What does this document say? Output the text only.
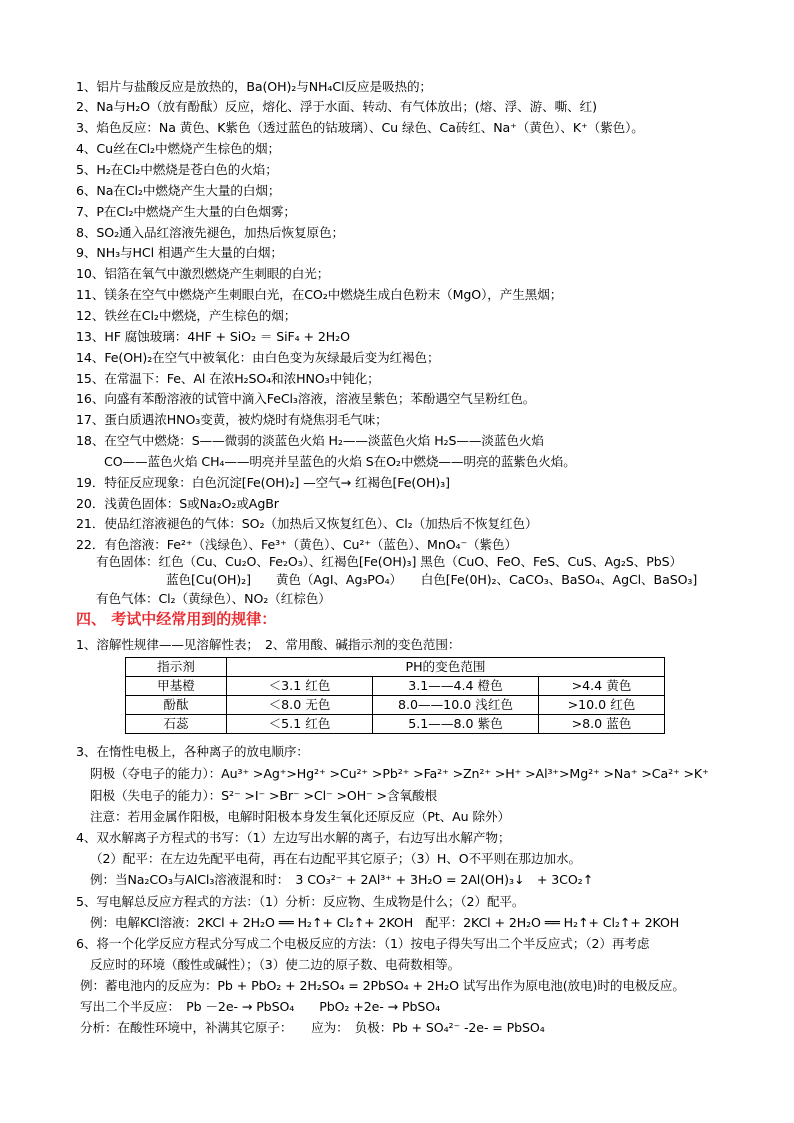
1、铝片与盐酸反应是放热的，Ba(OH)₂与NH₄Cl反应是吸热的；
2、Na与H₂O（放有酚酞）反应，熔化、浮于水面、转动、有气体放出；(熔、浮、游、嘶、红)
3、焰色反应：Na 黄色、K紫色（透过蓝色的钴玻璃）、Cu 绿色、Ca砖红、Na⁺（黄色）、K⁺（紫色）。
4、Cu丝在Cl₂中燃烧产生棕色的烟；
5、H₂在Cl₂中燃烧是苍白色的火焰；
6、Na在Cl₂中燃烧产生大量的白烟；
7、P在Cl₂中燃烧产生大量的白色烟雾；
8、SO₂通入品红溶液先褪色，加热后恢复原色；
9、NH₃与HCl 相遇产生大量的白烟；
10、铝箔在氧气中激烈燃烧产生刺眼的白光；
11、镁条在空气中燃烧产生刺眼白光，在CO₂中燃烧生成白色粉末（MgO），产生黑烟；
12、铁丝在Cl₂中燃烧，产生棕色的烟；
13、HF 腐蚀玻璃：4HF + SiO₂ ＝ SiF₄ + 2H₂O
14、Fe(OH)₂在空气中被氧化：由白色变为灰绿最后变为红褐色；
15、在常温下：Fe、Al 在浓H₂SO₄和浓HNO₃中钝化；
16、向盛有苯酚溶液的试管中滴入FeCl₃溶液，溶液呈紫色；苯酚遇空气呈粉红色。
17、蛋白质遇浓HNO₃变黄，被灼烧时有烧焦羽毛气味；
18、在空气中燃烧：S——微弱的淡蓝色火焰 H₂——淡蓝色火焰 H₂S——淡蓝色火焰
CO——蓝色火焰 CH₄——明亮并呈蓝色的火焰 S在O₂中燃烧——明亮的蓝紫色火焰。
19．特征反应现象：白色沉淀[Fe(OH)₂] —空气→ 红褐色[Fe(OH)₃]
20．浅黄色固体：S或Na₂O₂或AgBr
21．使品红溶液褪色的气体：SO₂（加热后又恢复红色）、Cl₂（加热后不恢复红色）
22．有色溶液：Fe²⁺（浅绿色）、Fe³⁺（黄色）、Cu²⁺（蓝色）、MnO₄⁻（紫色）
有色固体：红色（Cu、Cu₂O、Fe₂O₃）、红褐色[Fe(OH)₃] 黑色（CuO、FeO、FeS、CuS、Ag₂S、PbS）
蓝色[Cu(OH)₂]　　黄色（AgI、Ag₃PO₄）　　白色[Fe(0H)₂、CaCO₃、BaSO₄、AgCl、BaSO₃]
有色气体：Cl₂（黄绿色）、NO₂（红棕色）
四、 考试中经常用到的规律：
1、溶解性规律——见溶解性表；　2、常用酸、碱指示剂的变色范围：
指示剂	PH的变色范围		
甲基橙	＜3.1 红色	3.1——4.4 橙色	>4.4 黄色
酚酞	＜8.0 无色	8.0——10.0 浅红色	>10.0 红色
石蕊	＜5.1 红色	5.1——8.0 紫色	>8.0 蓝色
3、在惰性电极上，各种离子的放电顺序：
阴极（夺电子的能力）：Au³⁺ >Ag⁺>Hg²⁺ >Cu²⁺ >Pb²⁺ >Fa²⁺ >Zn²⁺ >H⁺ >Al³⁺>Mg²⁺ >Na⁺ >Ca²⁺ >K⁺
阳极（失电子的能力）：S²⁻ >I⁻ >Br⁻ >Cl⁻ >OH⁻ >含氧酸根
注意：若用金属作阳极，电解时阳极本身发生氧化还原反应（Pt、Au 除外）
4、双水解离子方程式的书写：（1）左边写出水解的离子，右边写出水解产物；
（2）配平：在左边先配平电荷，再在右边配平其它原子；（3）H、O不平则在那边加水。
例：当Na₂CO₃与AlCl₃溶液混和时：　3 CO₃²⁻ + 2Al³⁺ + 3H₂O = 2Al(OH)₃↓　+ 3CO₂↑
5、写电解总反应方程式的方法：（1）分析：反应物、生成物是什么；（2）配平。
例：电解KCl溶液：2KCl + 2H₂O ══ H₂↑+ Cl₂↑+ 2KOH　配平：2KCl + 2H₂O ══ H₂↑+ Cl₂↑+ 2KOH
6、将一个化学反应方程式分写成二个电极反应的方法：（1）按电子得失写出二个半反应式；（2）再考虑
反应时的环境（酸性或碱性）；（3）使二边的原子数、电荷数相等。
例：蓄电池内的反应为：Pb + PbO₂ + 2H₂SO₄ = 2PbSO₄ + 2H₂O 试写出作为原电池(放电)时的电极反应。
写出二个半反应：　Pb －2e- → PbSO₄　　PbO₂ +2e- → PbSO₄
分析：在酸性环境中，补满其它原子：　　应为：　负极：Pb + SO₄²⁻ -2e- = PbSO₄
